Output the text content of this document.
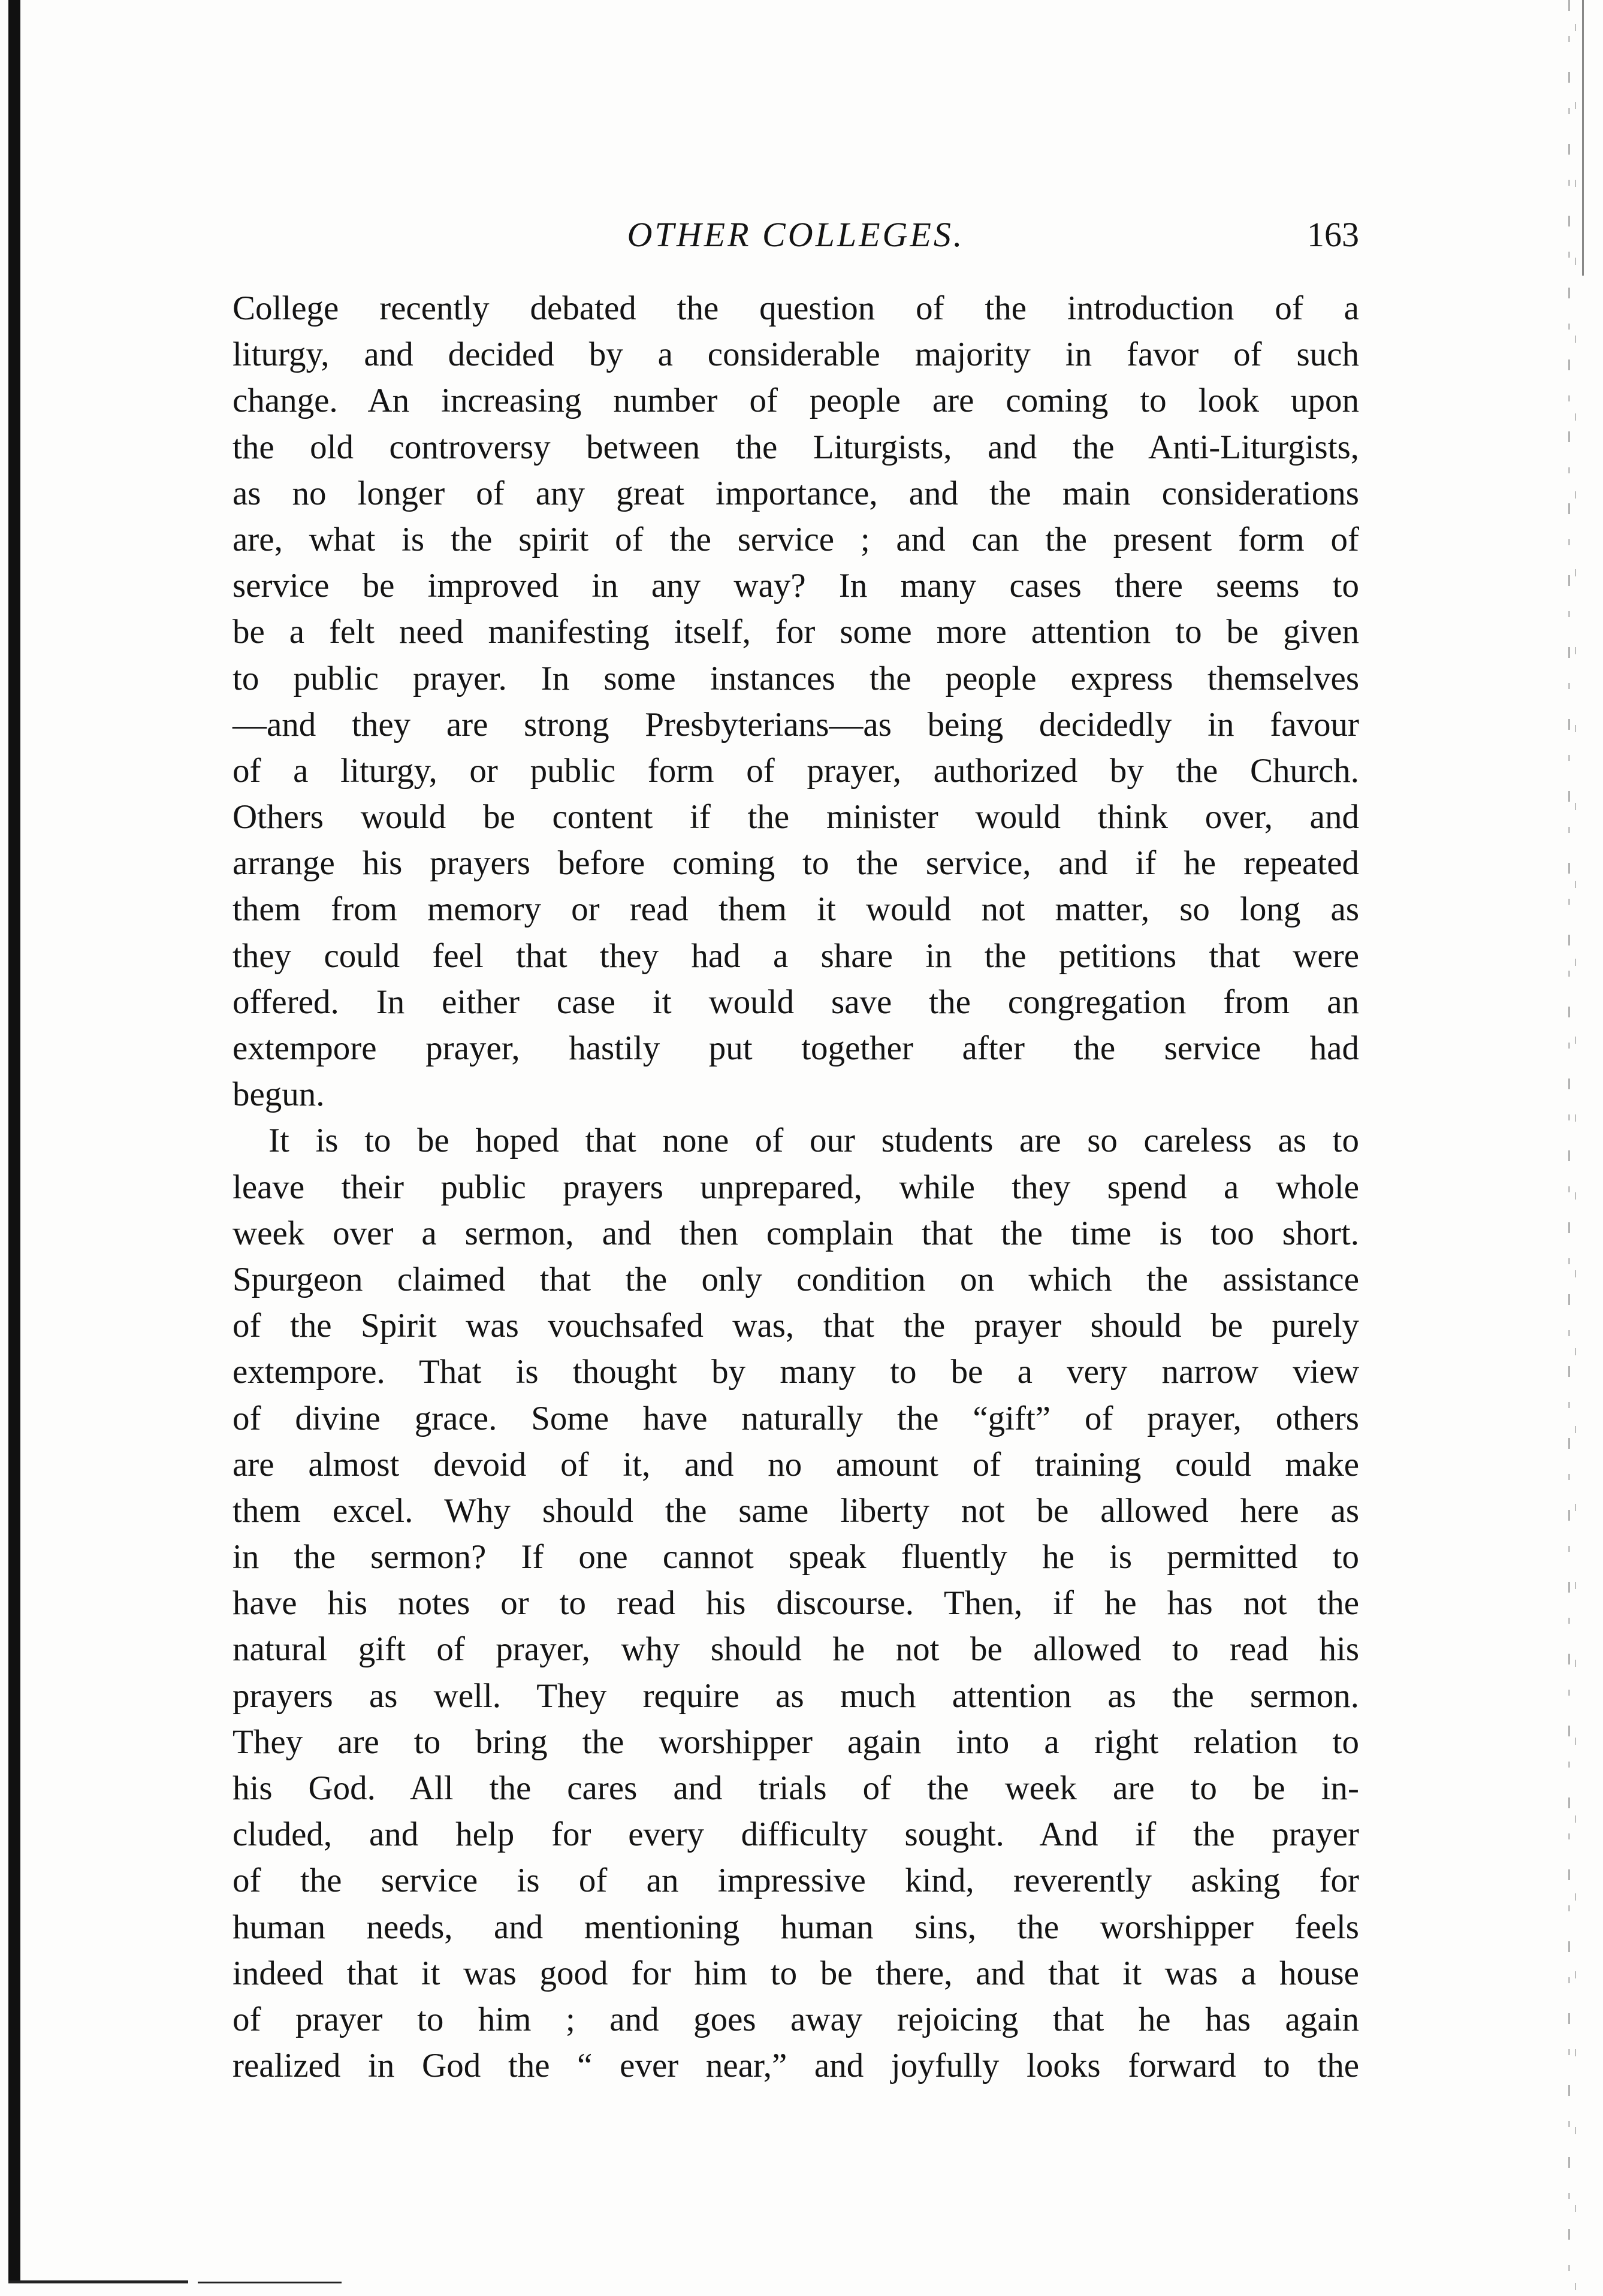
OTHER COLLEGES.	163
College recently debated the question of the introduction of a
liturgy, and decided by a considerable majority in favor of such
change. An increasing number of people are coming to look upon
the old controversy between the Liturgists, and the Anti-Liturgists,
as no longer of any great importance, and the main considerations
are, what is the spirit of the service ; and can the present form of
service be improved in any way? In many cases there seems to
be a felt need manifesting itself, for some more attention to be given
to public prayer. In some instances the people express themselves
—and they are strong Presbyterians—as being decidedly in favour
of a liturgy, or public form of prayer, authorized by the Church.
Others would be content if the minister would think over, and
arrange his prayers before coming to the service, and if he repeated
them from memory or read them it would not matter, so long as
they could feel that they had a share in the petitions that were
offered. In either case it would save the congregation from an
extempore prayer, hastily put together after the service had
begun.
It is to be hoped that none of our students are so careless as to
leave their public prayers unprepared, while they spend a whole
week over a sermon, and then complain that the time is too short.
Spurgeon claimed that the only condition on which the assistance
of the Spirit was vouchsafed was, that the prayer should be purely
extempore. That is thought by many to be a very narrow view
of divine grace. Some have naturally the “gift” of prayer, others
are almost devoid of it, and no amount of training could make
them excel. Why should the same liberty not be allowed here as
in the sermon? If one cannot speak fluently he is permitted to
have his notes or to read his discourse. Then, if he has not the
natural gift of prayer, why should he not be allowed to read his
prayers as well. They require as much attention as the sermon.
They are to bring the worshipper again into a right relation to
his God. All the cares and trials of the week are to be in-
cluded, and help for every difficulty sought. And if the prayer
of the service is of an impressive kind, reverently asking for
human needs, and mentioning human sins, the worshipper feels
indeed that it was good for him to be there, and that it was a house
of prayer to him ; and goes away rejoicing that he has again
realized in God the “ ever near,” and joyfully looks forward to the
